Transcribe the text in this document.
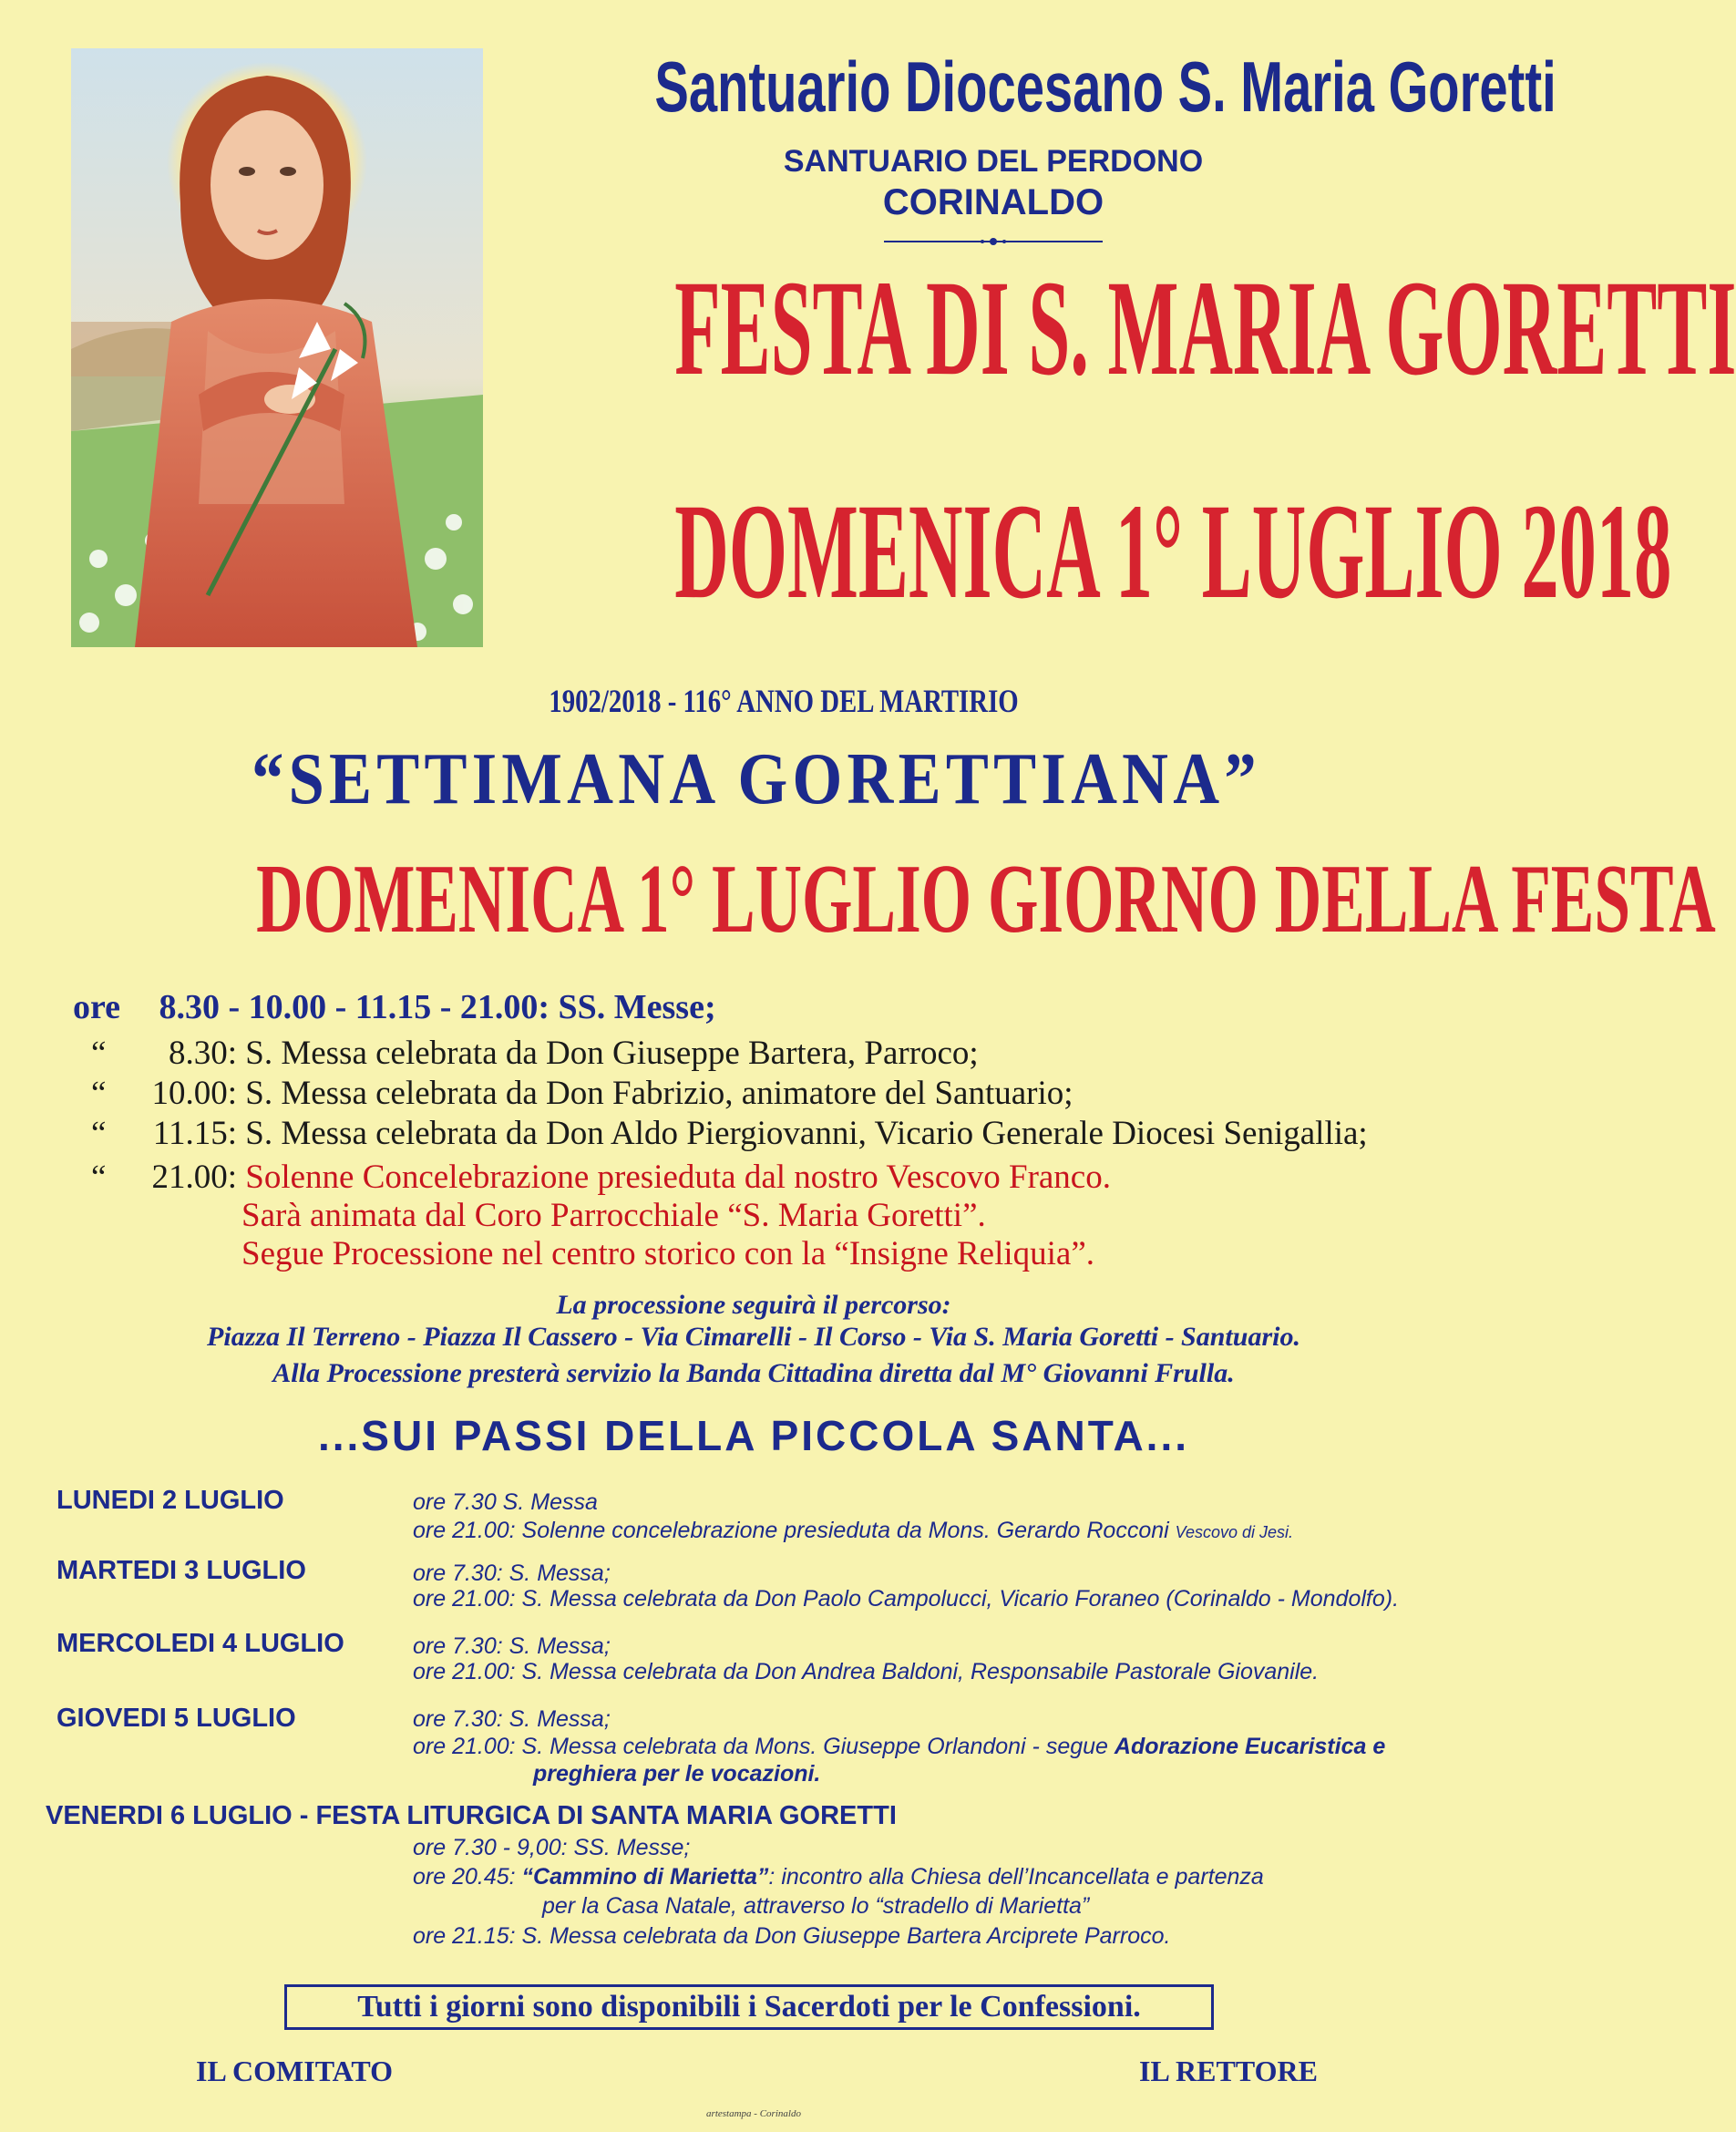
Santuario Diocesano S. Maria Goretti
SANTUARIO DEL PERDONO
CORINALDO
FESTA DI S. MARIA GORETTI
DOMENICA 1° LUGLIO 2018
1902/2018 - 116° ANNO DEL MARTIRIO
“SETTIMANA GORETTIANA”
DOMENICA 1° LUGLIO GIORNO DELLA FESTA
ore 8.30 - 10.00 - 11.15 - 21.00: SS. Messe;
“ 8.30: S. Messa celebrata da Don Giuseppe Bartera, Parroco;
“ 10.00: S. Messa celebrata da Don Fabrizio, animatore del Santuario;
“ 11.15: S. Messa celebrata da Don Aldo Piergiovanni, Vicario Generale Diocesi Senigallia;
“ 21.00: Solenne Concelebrazione presieduta dal nostro Vescovo Franco.
Sarà animata dal Coro Parrocchiale “S. Maria Goretti”.
Segue Processione nel centro storico con la “Insigne Reliquia”.
La processione seguirà il percorso:
Piazza Il Terreno - Piazza Il Cassero - Via Cimarelli - Il Corso - Via S. Maria Goretti - Santuario.
Alla Processione presterà servizio la Banda Cittadina diretta dal M° Giovanni Frulla.
...SUI PASSI DELLA PICCOLA SANTA...
LUNEDI 2 LUGLIO	ore 7.30 S. Messa
ore 21.00: Solenne concelebrazione presieduta da Mons. Gerardo Rocconi Vescovo di Jesi.
MARTEDI 3 LUGLIO	ore 7.30: S. Messa;
ore 21.00: S. Messa celebrata da Don Paolo Campolucci, Vicario Foraneo (Corinaldo - Mondolfo).
MERCOLEDI 4 LUGLIO	ore 7.30: S. Messa;
ore 21.00: S. Messa celebrata da Don Andrea Baldoni, Responsabile Pastorale Giovanile.
GIOVEDI 5 LUGLIO	ore 7.30: S. Messa;
ore 21.00: S. Messa celebrata da Mons. Giuseppe Orlandoni - segue Adorazione Eucaristica e
preghiera per le vocazioni.
VENERDI 6 LUGLIO - FESTA LITURGICA DI SANTA MARIA GORETTI
ore 7.30 - 9,00: SS. Messe;
ore 20.45: “Cammino di Marietta”: incontro alla Chiesa dell’Incancellata e partenza
per la Casa Natale, attraverso lo “stradello di Marietta”
ore 21.15: S. Messa celebrata da Don Giuseppe Bartera Arciprete Parroco.
Tutti i giorni sono disponibili i Sacerdoti per le Confessioni.
IL COMITATO	IL RETTORE
artestampa - Corinaldo
